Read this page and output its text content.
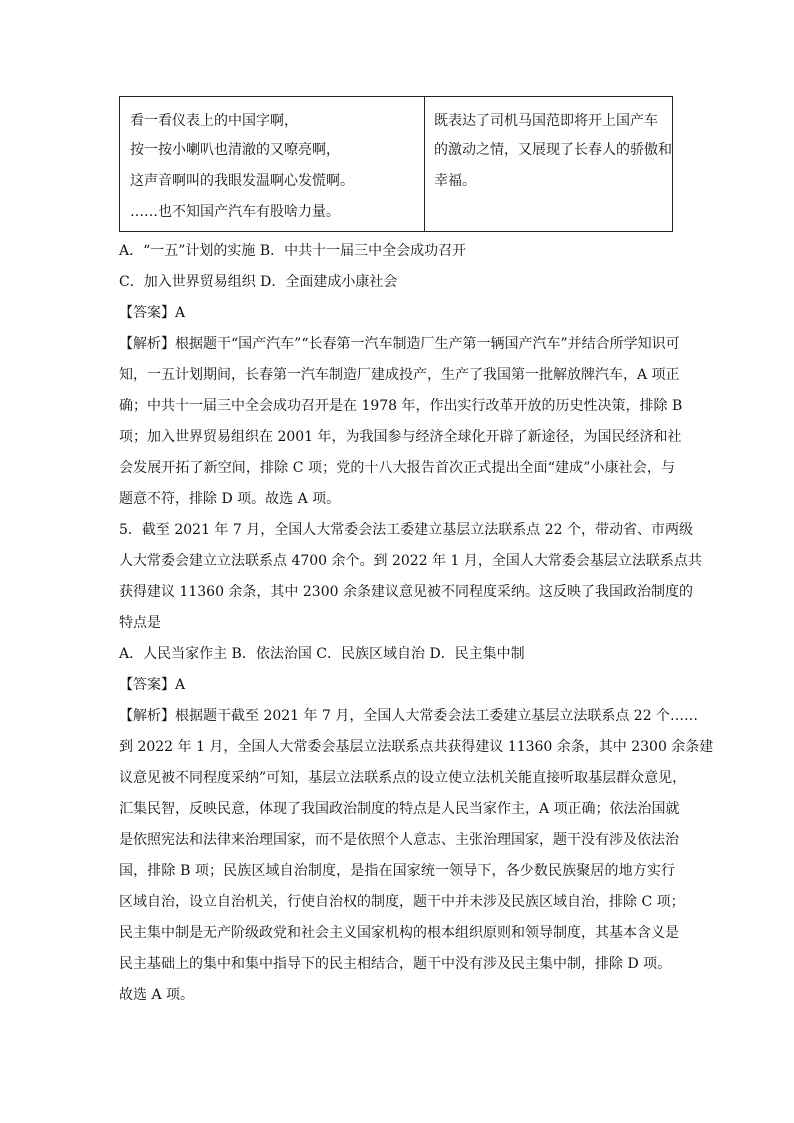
看一看仪表上的中国字啊，
按一按小喇叭也清澈的又嘹亮啊，
这声音啊叫的我眼发温啊心发慌啊。
……也不知国产汽车有股啥力量。
既表达了司机马国范即将开上国产车
的激动之情，又展现了长春人的骄傲和
幸福。
A．“一五”计划的实施 B．中共十一届三中全会成功召开
C．加入世界贸易组织 D．全面建成小康社会
【答案】A
【解析】根据题干“国产汽车”“长春第一汽车制造厂生产第一辆国产汽车”并结合所学知识可
知，一五计划期间，长春第一汽车制造厂建成投产，生产了我国第一批解放牌汽车，A 项正
确；中共十一届三中全会成功召开是在 1978 年，作出实行改革开放的历史性决策，排除 B
项；加入世界贸易组织在 2001 年，为我国参与经济全球化开辟了新途径，为国民经济和社
会发展开拓了新空间，排除 C 项；党的十八大报告首次正式提出全面“建成”小康社会，与
题意不符，排除 D 项。故选 A 项。
5．截至 2021 年 7 月，全国人大常委会法工委建立基层立法联系点 22 个，带动省、市两级
人大常委会建立立法联系点 4700 余个。到 2022 年 1 月，全国人大常委会基层立法联系点共
获得建议 11360 余条，其中 2300 余条建议意见被不同程度采纳。这反映了我国政治制度的
特点是
A．人民当家作主 B．依法治国 C．民族区域自治 D．民主集中制
【答案】A
【解析】根据题干截至 2021 年 7 月，全国人大常委会法工委建立基层立法联系点 22 个……
到 2022 年 1 月，全国人大常委会基层立法联系点共获得建议 11360 余条，其中 2300 余条建
议意见被不同程度采纳”可知，基层立法联系点的设立使立法机关能直接听取基层群众意见，
汇集民智，反映民意，体现了我国政治制度的特点是人民当家作主，A 项正确；依法治国就
是依照宪法和法律来治理国家，而不是依照个人意志、主张治理国家，题干没有涉及依法治
国，排除 B 项；民族区域自治制度，是指在国家统一领导下，各少数民族聚居的地方实行
区域自治，设立自治机关，行使自治权的制度，题干中并未涉及民族区域自治，排除 C 项；
民主集中制是无产阶级政党和社会主义国家机构的根本组织原则和领导制度，其基本含义是
民主基础上的集中和集中指导下的民主相结合，题干中没有涉及民主集中制，排除 D 项。
故选 A 项。
